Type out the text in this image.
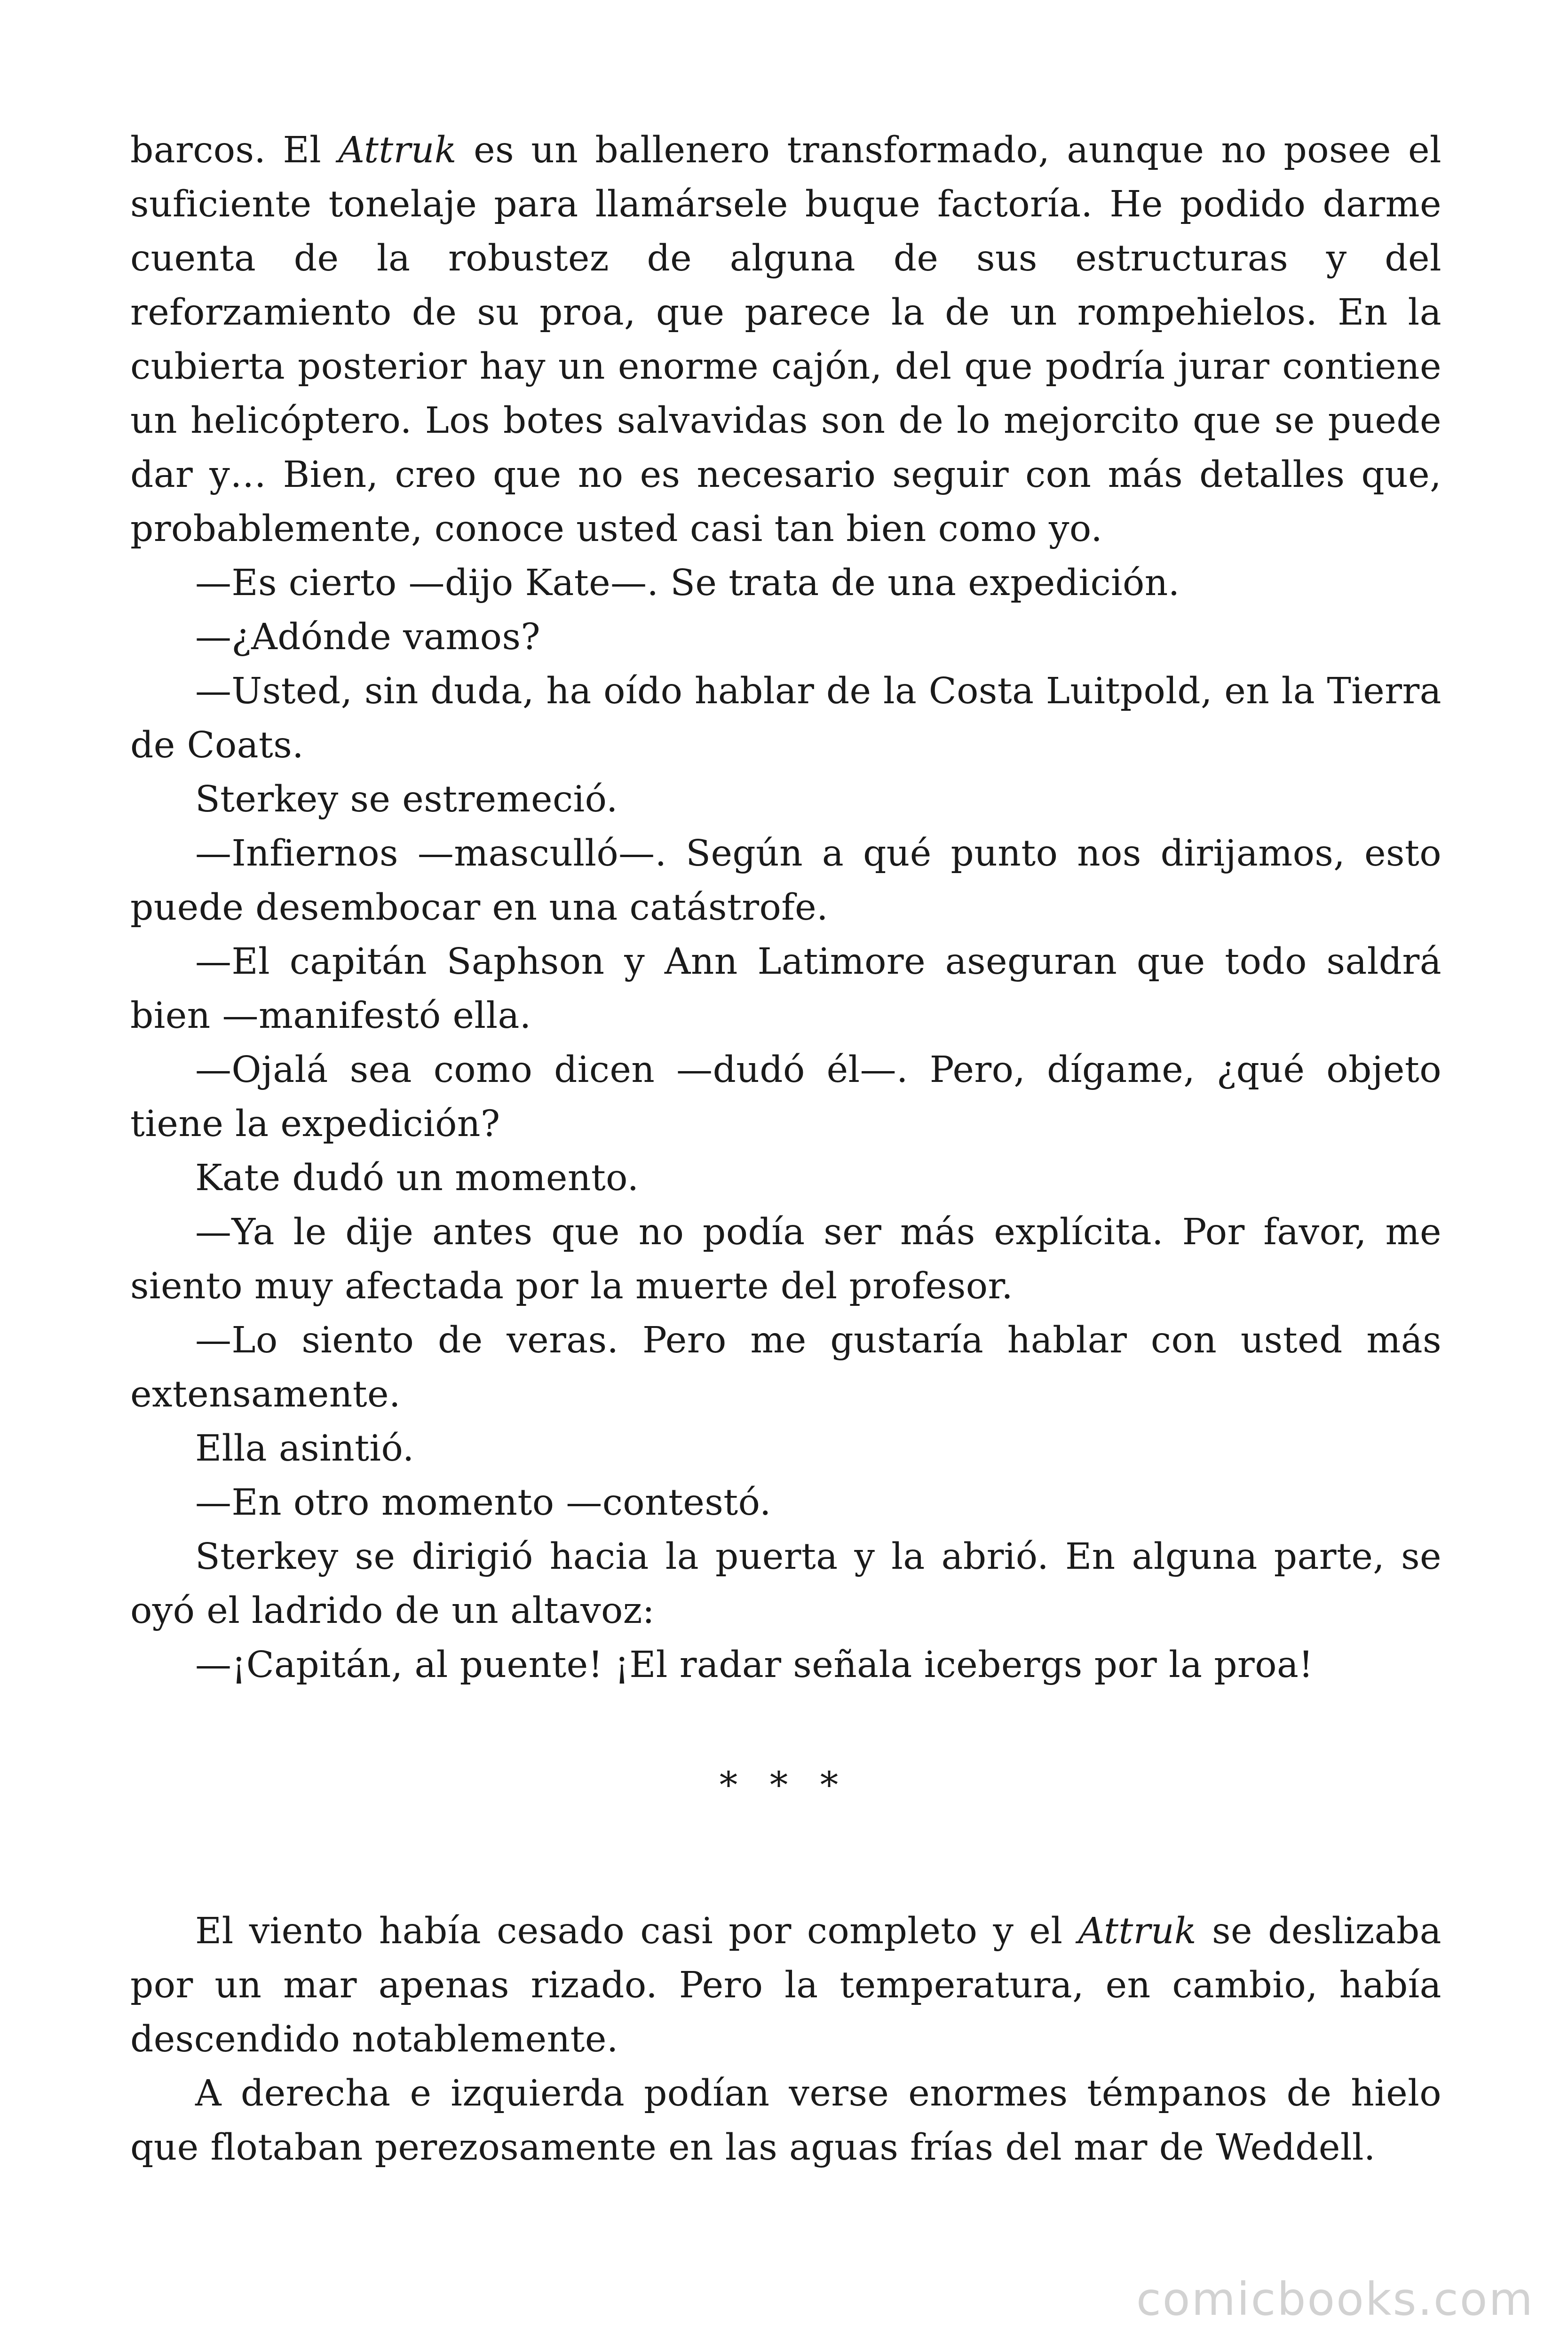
barcos. El Attruk es un ballenero transformado, aunque no posee el suficiente tonelaje para llamársele buque factoría. He podido darme cuenta de la robustez de alguna de sus estructuras y del reforzamiento de su proa, que parece la de un rompehielos. En la cubierta posterior hay un enorme cajón, del que podría jurar contiene un helicóptero. Los botes salvavidas son de lo mejorcito que se puede dar y… Bien, creo que no es necesario seguir con más detalles que, probablemente, conoce usted casi tan bien como yo.

—Es cierto —dijo Kate—. Se trata de una expedición.

—¿Adónde vamos?

—Usted, sin duda, ha oído hablar de la Costa Luitpold, en la Tierra de Coats.

Sterkey se estremeció.

—Infiernos —masculló—. Según a qué punto nos dirijamos, esto puede desembocar en una catástrofe.

—El capitán Saphson y Ann Latimore aseguran que todo saldrá bien —manifestó ella.

—Ojalá sea como dicen —dudó él—. Pero, dígame, ¿qué objeto tiene la expedición?

Kate dudó un momento.

—Ya le dije antes que no podía ser más explícita. Por favor, me siento muy afectada por la muerte del profesor.

—Lo siento de veras. Pero me gustaría hablar con usted más extensamente.

Ella asintió.

—En otro momento —contestó.

Sterkey se dirigió hacia la puerta y la abrió. En alguna parte, se oyó el ladrido de un altavoz:

—¡Capitán, al puente! ¡El radar señala icebergs por la proa!

* * *

El viento había cesado casi por completo y el Attruk se deslizaba por un mar apenas rizado. Pero la temperatura, en cambio, había descendido notablemente.

A derecha e izquierda podían verse enormes témpanos de hielo que flotaban perezosamente en las aguas frías del mar de Weddell.

comicbooks.com
